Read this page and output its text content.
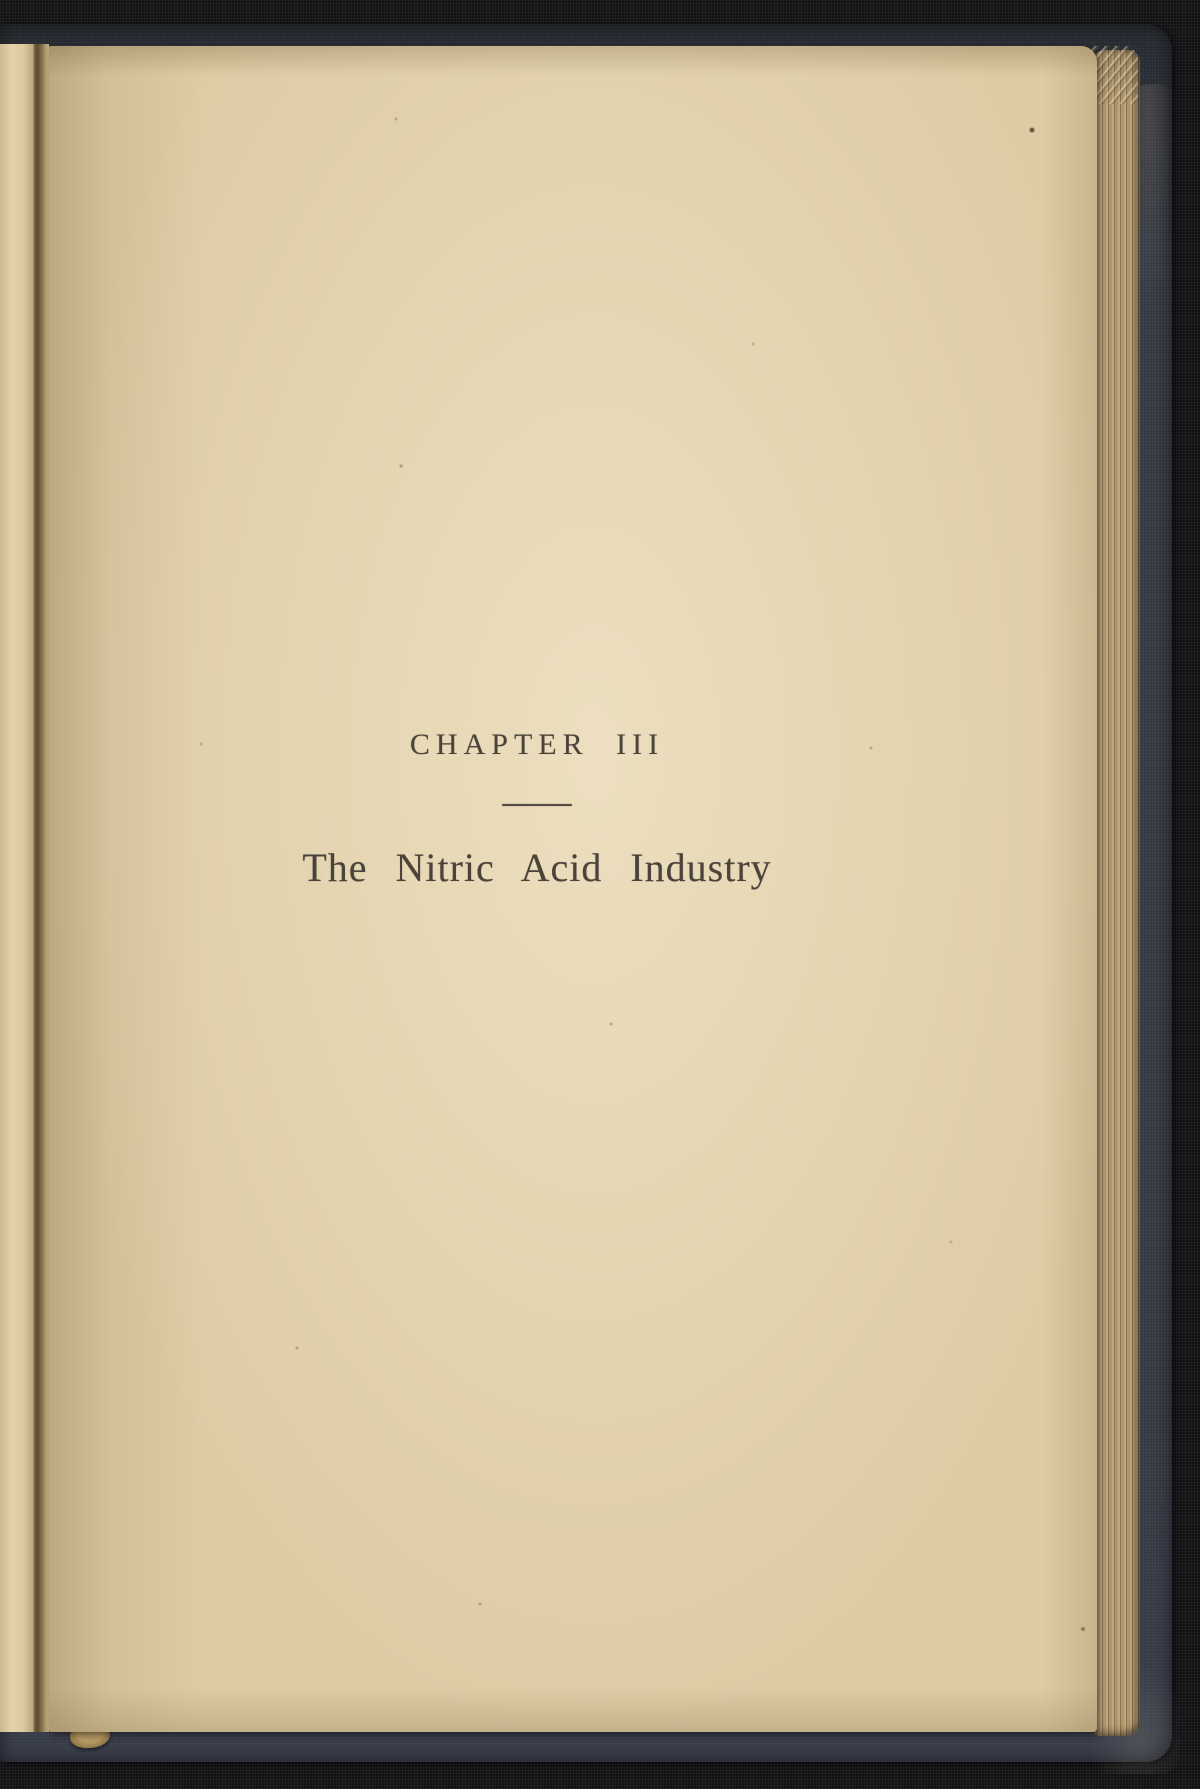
CHAPTER III
The Nitric Acid Industry
